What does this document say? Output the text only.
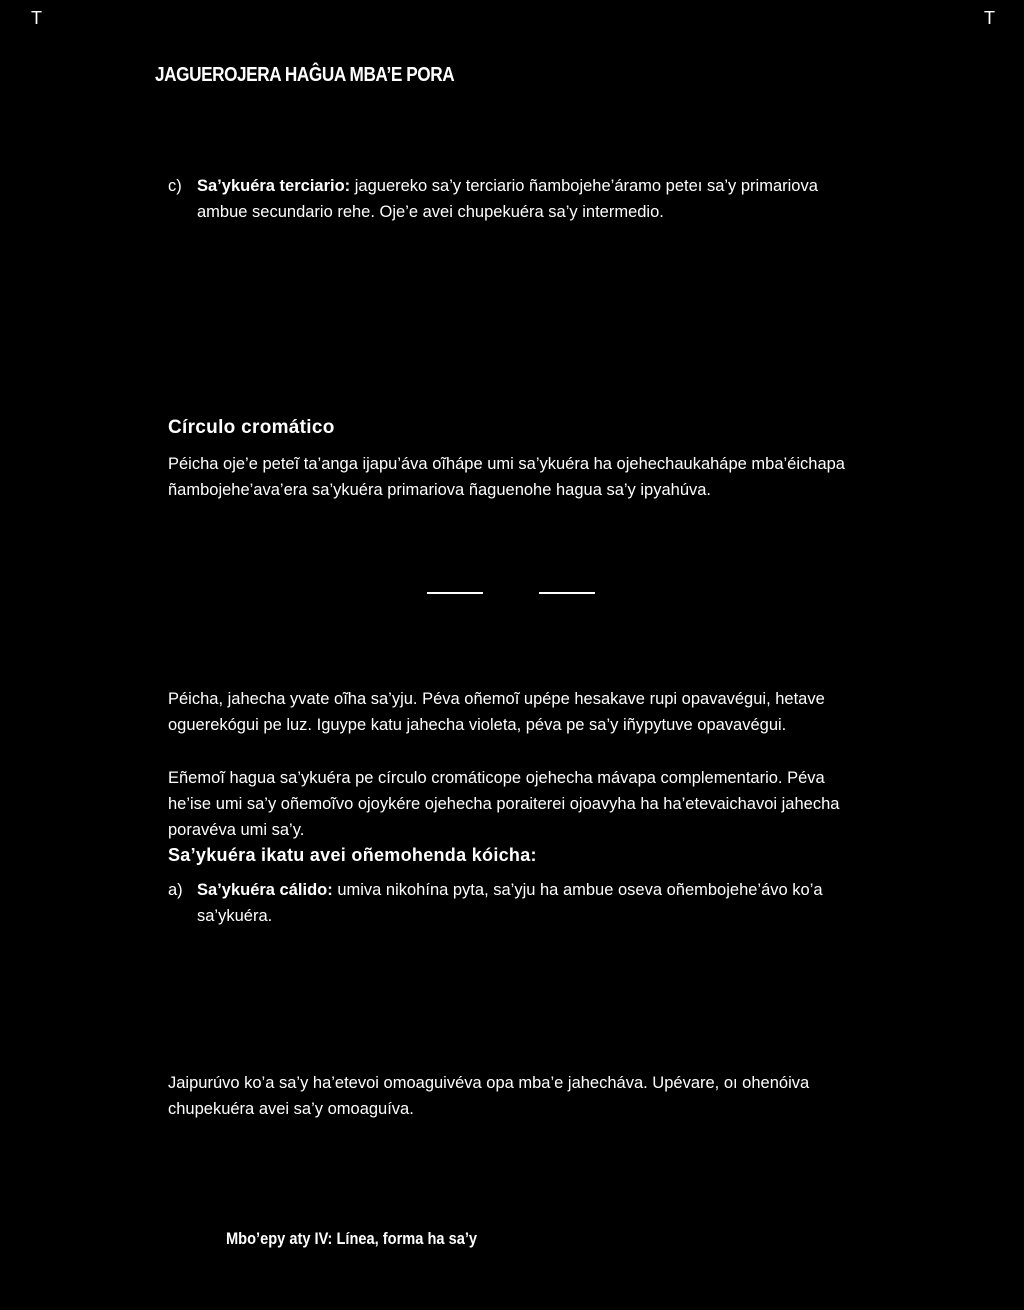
T	T
JAGUEROJERA HAĜUA MBA’E PORA
c) Sa’ykuéra terciario: jaguereko sa’y terciario ñambojehe’áramo peteı sa’y primariova ambue secundario rehe. Oje’e avei chupekuéra sa’y intermedio.
Círculo cromático
Péicha oje’e peteĩ ta’anga ijapu’áva oĩhápe umi sa’ykuéra ha ojehechaukahápe mba’éichapa ñambojehe’ava’era sa’ykuéra primariova ñaguenohe hagua sa’y ipyahúva.
Péicha, jahecha yvate oĩha sa’yju. Péva oñemoĩ upépe hesakave rupi opavavégui, hetave oguerekógui pe luz. Iguype katu jahecha violeta, péva pe sa’y iñypytuve opavavégui.
Eñemoĩ hagua sa’ykuéra pe círculo cromáticope ojehecha mávapa complementario. Péva he’ise umi sa’y oñemoĩvo ojoykére ojehecha poraiterei ojoavyha ha ha’etevaichavoi jahecha poravéva umi sa’y.
Sa’ykuéra ikatu avei oñemohenda kóicha:
a) Sa’ykuéra cálido: umiva nikohína pyta, sa’yju ha ambue oseva oñembojehe’ávo ko’a sa’ykuéra.
Jaipurúvo ko’a sa’y ha’etevoi omoaguivéva opa mba’e jahecháva. Upévare, oı ohenóiva chupekuéra avei sa’y omoaguíva.
Mbo’epy aty IV: Línea, forma ha sa’y
